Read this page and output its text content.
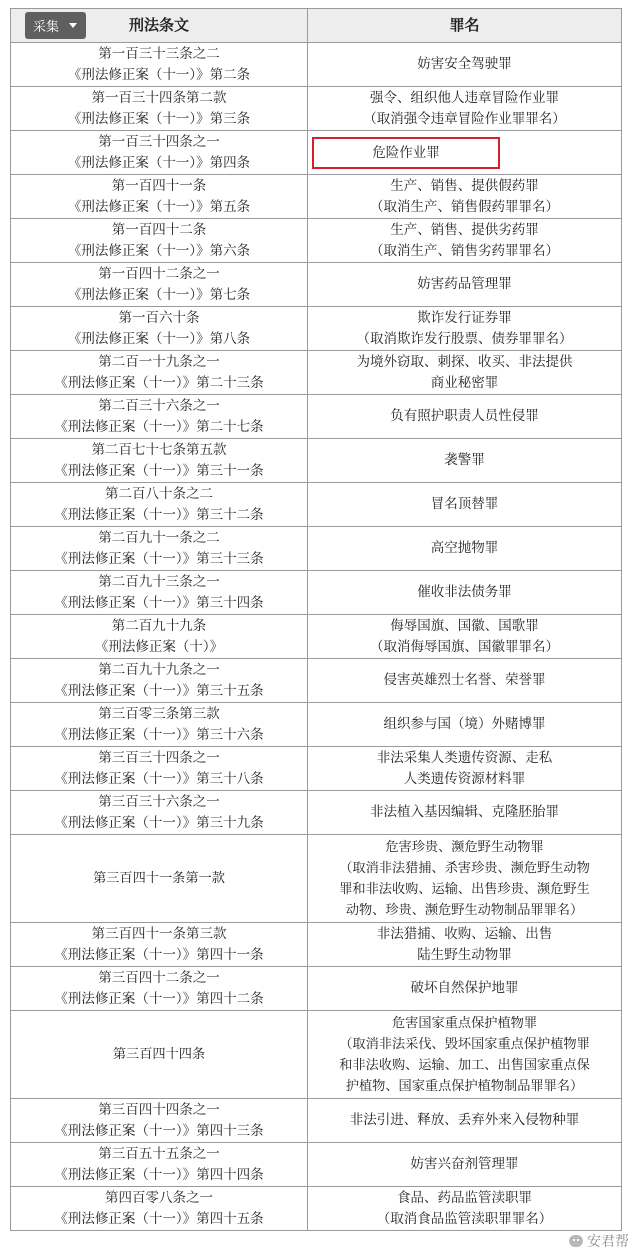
采集	刑法条文	罪名

第一百三十三条之二
《刑法修正案（十一）》第二条	妨害安全驾驶罪

第一百三十四条第二款
《刑法修正案（十一）》第三条	强令、组织他人违章冒险作业罪
（取消强令违章冒险作业罪罪名）

第一百三十四条之一
《刑法修正案（十一）》第四条	危险作业罪

第一百四十一条
《刑法修正案（十一）》第五条	生产、销售、提供假药罪
（取消生产、销售假药罪罪名）

第一百四十二条
《刑法修正案（十一）》第六条	生产、销售、提供劣药罪
（取消生产、销售劣药罪罪名）

第一百四十二条之一
《刑法修正案（十一）》第七条	妨害药品管理罪

第一百六十条
《刑法修正案（十一）》第八条	欺诈发行证券罪
（取消欺诈发行股票、债券罪罪名）

第二百一十九条之一
《刑法修正案（十一）》第二十三条	为境外窃取、刺探、收买、非法提供
商业秘密罪

第二百三十六条之一
《刑法修正案（十一）》第二十七条	负有照护职责人员性侵罪

第二百七十七条第五款
《刑法修正案（十一）》第三十一条	袭警罪

第二百八十条之二
《刑法修正案（十一）》第三十二条	冒名顶替罪

第二百九十一条之二
《刑法修正案（十一）》第三十三条	高空抛物罪

第二百九十三条之一
《刑法修正案（十一）》第三十四条	催收非法债务罪

第二百九十九条
《刑法修正案（十）》	侮辱国旗、国徽、国歌罪
（取消侮辱国旗、国徽罪罪名）

第二百九十九条之一
《刑法修正案（十一）》第三十五条	侵害英雄烈士名誉、荣誉罪

第三百零三条第三款
《刑法修正案（十一）》第三十六条	组织参与国（境）外赌博罪

第三百三十四条之一
《刑法修正案（十一）》第三十八条	非法采集人类遗传资源、走私
人类遗传资源材料罪

第三百三十六条之一
《刑法修正案（十一）》第三十九条	非法植入基因编辑、克隆胚胎罪

第三百四十一条第一款	危害珍贵、濒危野生动物罪
（取消非法猎捕、杀害珍贵、濒危野生动物
罪和非法收购、运输、出售珍贵、濒危野生
动物、珍贵、濒危野生动物制品罪罪名）

第三百四十一条第三款
《刑法修正案（十一）》第四十一条	非法猎捕、收购、运输、出售
陆生野生动物罪

第三百四十二条之一
《刑法修正案（十一）》第四十二条	破坏自然保护地罪

第三百四十四条	危害国家重点保护植物罪
（取消非法采伐、毁坏国家重点保护植物罪
和非法收购、运输、加工、出售国家重点保
护植物、国家重点保护植物制品罪罪名）

第三百四十四条之一
《刑法修正案（十一）》第四十三条	非法引进、释放、丢弃外来入侵物种罪

第三百五十五条之一
《刑法修正案（十一）》第四十四条	妨害兴奋剂管理罪

第四百零八条之一
《刑法修正案（十一）》第四十五条	食品、药品监管渎职罪
（取消食品监管渎职罪罪名）
安君帮
